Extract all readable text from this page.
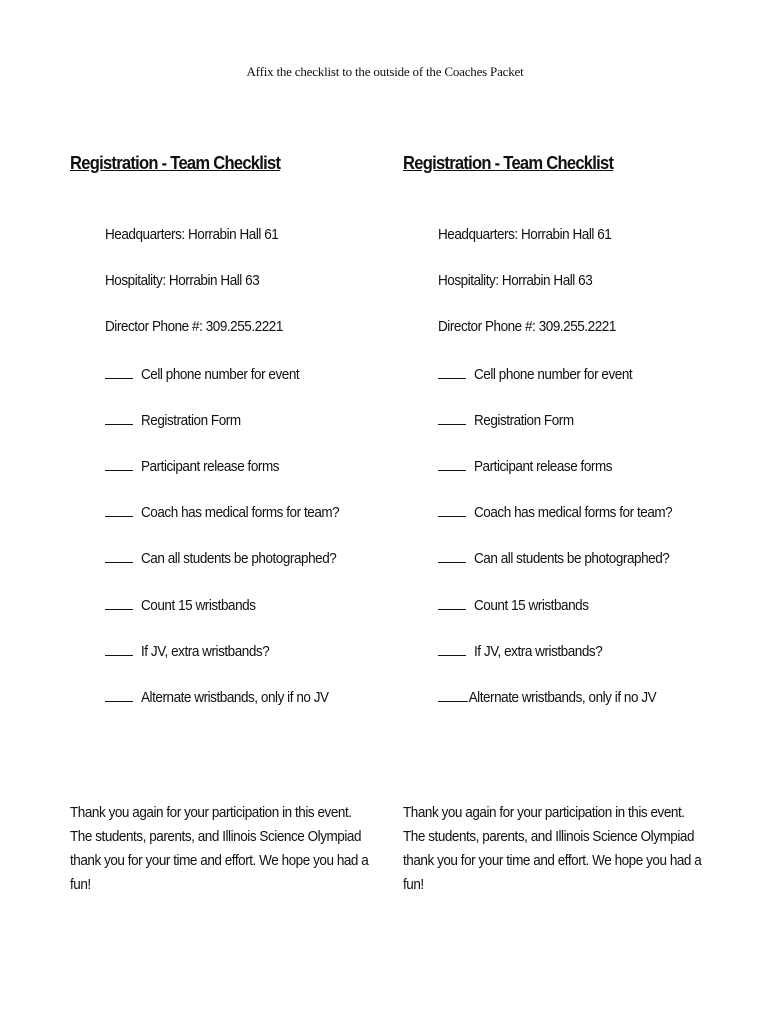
Affix the checklist to the outside of the Coaches Packet
Registration - Team Checklist
Headquarters: Horrabin Hall 61
Hospitality: Horrabin Hall 63
Director Phone #: 309.255.2221
Cell phone number for event
Registration Form
Participant release forms
Coach has medical forms for team?
Can all students be photographed?
Count 15 wristbands
If JV, extra wristbands?
Alternate wristbands, only if no JV
Thank you again for your participation in this event. The students, parents, and Illinois Science Olympiad thank you for your time and effort. We hope you had a fun!
Registration - Team Checklist
Headquarters: Horrabin Hall 61
Hospitality: Horrabin Hall 63
Director Phone #: 309.255.2221
Cell phone number for event
Registration Form
Participant release forms
Coach has medical forms for team?
Can all students be photographed?
Count 15 wristbands
If JV, extra wristbands?
Alternate wristbands, only if no JV
Thank you again for your participation in this event. The students, parents, and Illinois Science Olympiad thank you for your time and effort. We hope you had a fun!
